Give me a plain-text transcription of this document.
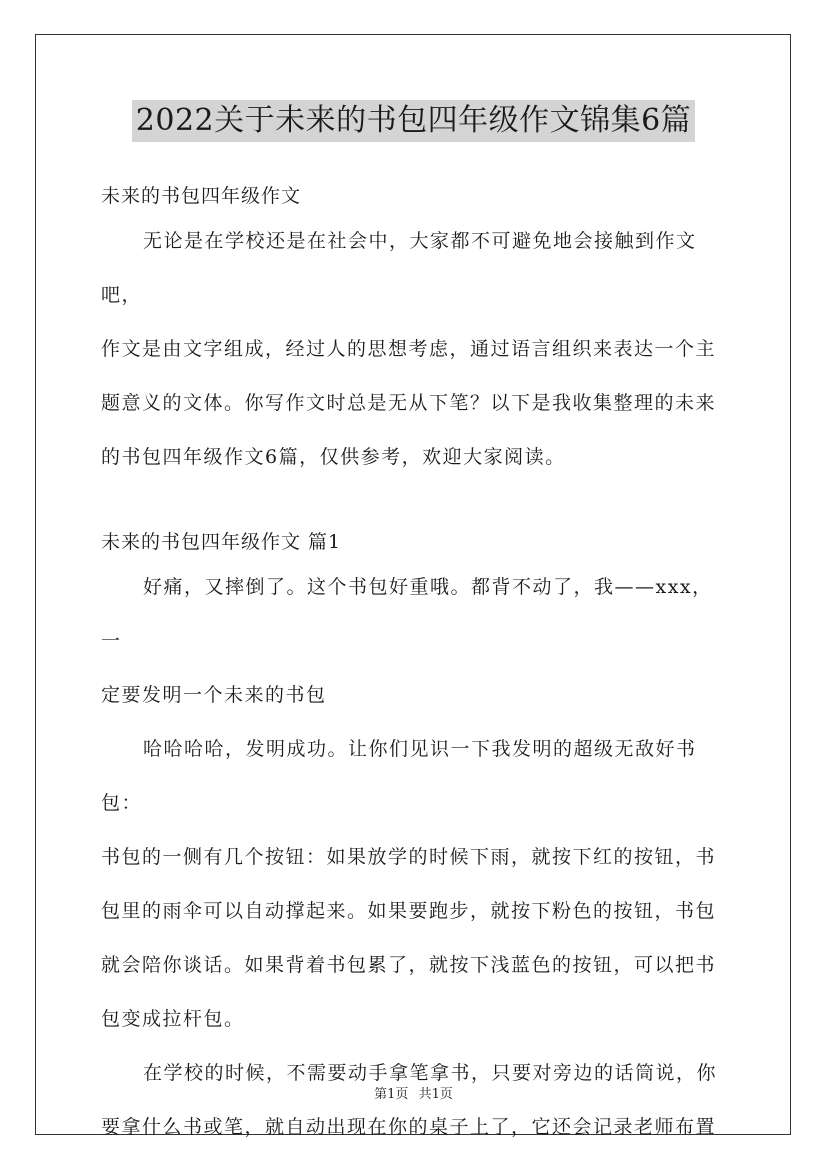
2022关于未来的书包四年级作文锦集6篇
未来的书包四年级作文
无论是在学校还是在社会中，大家都不可避免地会接触到作文吧，
作文是由文字组成，经过人的思想考虑，通过语言组织来表达一个主
题意义的文体。你写作文时总是无从下笔？以下是我收集整理的未来
的书包四年级作文6篇，仅供参考，欢迎大家阅读。
未来的书包四年级作文 篇1
好痛，又摔倒了。这个书包好重哦。都背不动了，我——xxx，一
定要发明一个未来的书包
哈哈哈哈，发明成功。让你们见识一下我发明的超级无敌好书包：
书包的一侧有几个按钮：如果放学的时候下雨，就按下红的按钮，书
包里的雨伞可以自动撑起来。如果要跑步，就按下粉色的按钮，书包
就会陪你谈话。如果背着书包累了，就按下浅蓝色的按钮，可以把书
包变成拉杆包。
在学校的时候，不需要动手拿笔拿书，只要对旁边的话筒说，你
要拿什么书或笔，就自动出现在你的桌子上了，它还会记录老师布置
第1页 共1页
